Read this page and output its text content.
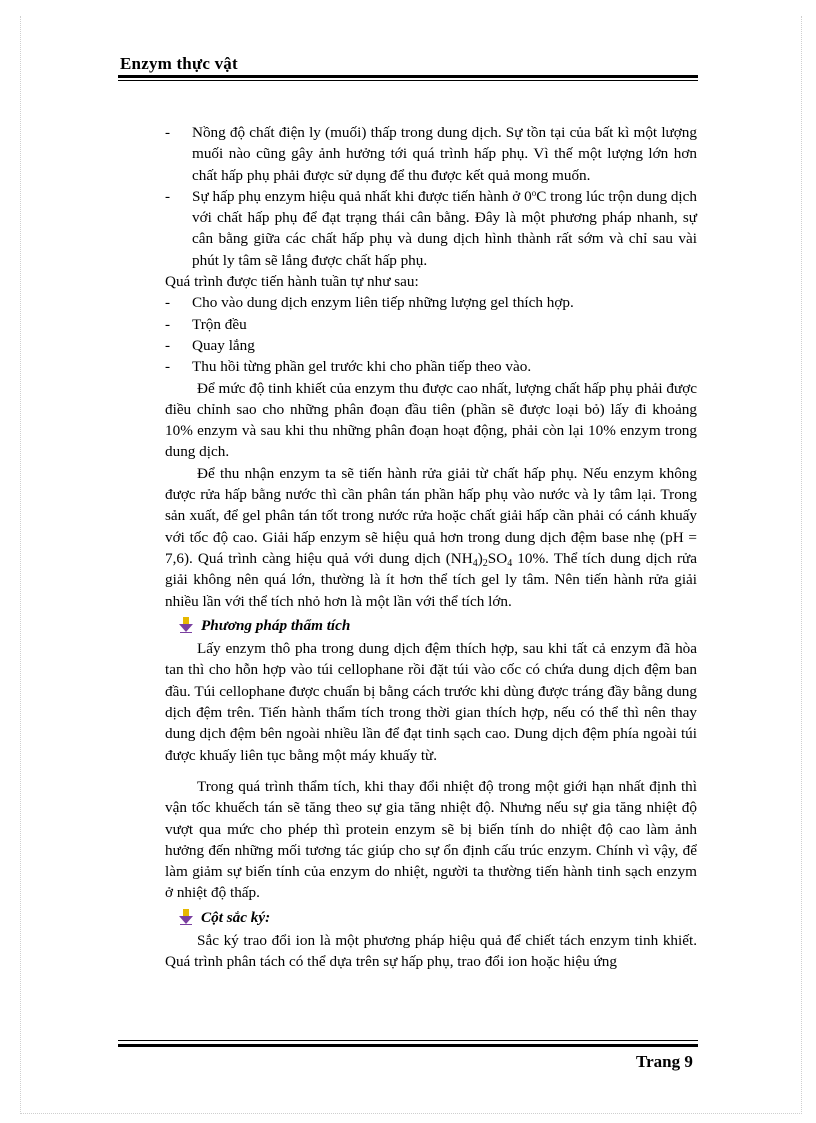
Enzym thực vật
-	Nồng độ chất điện ly (muối) thấp trong dung dịch. Sự tồn tại của bất kì một lượng muối nào cũng gây ảnh hưởng tới quá trình hấp phụ. Vì thế một lượng lớn hơn chất hấp phụ phải được sử dụng để thu được kết quả mong muốn.
-	Sự hấp phụ enzym hiệu quả nhất khi được tiến hành ở 0$^o$C trong lúc trộn dung dịch với chất hấp phụ để đạt trạng thái cân bằng. Đây là một phương pháp nhanh, sự cân bằng giữa các chất hấp phụ và dung dịch hình thành rất sớm và chỉ sau vài phút ly tâm sẽ lắng được chất hấp phụ.

Quá trình được tiến hành tuần tự như sau:

-	Cho vào dung dịch enzym liên tiếp những lượng gel thích hợp.
-	Trộn đều
-	Quay lắng
-	Thu hồi từng phần gel trước khi cho phần tiếp theo vào.

Để mức độ tinh khiết của enzym thu được cao nhất, lượng chất hấp phụ phải được điều chỉnh sao cho những phân đoạn đầu tiên (phần sẽ được loại bỏ) lấy đi khoảng 10% enzym và sau khi thu những phân đoạn hoạt động, phải còn lại 10% enzym trong dung dịch.

Để thu nhận enzym ta sẽ tiến hành rửa giải từ chất hấp phụ. Nếu enzym không được rửa hấp bằng nước thì cần phân tán phần hấp phụ vào nước và ly tâm lại. Trong sản xuất, để gel phân tán tốt trong nước rửa hoặc chất giải hấp cần phải có cánh khuấy với tốc độ cao. Giải hấp enzym sẽ hiệu quả hơn trong dung dịch đệm base nhẹ (pH = 7,6). Quá trình càng hiệu quả với dung dịch $(NH_4)_2SO_4$ 10%. Thể tích dung dịch rửa giải không nên quá lớn, thường là ít hơn thể tích gel ly tâm. Nên tiến hành rửa giải nhiều lần với thể tích nhỏ hơn là một lần với thể tích lớn.

Phương pháp thẩm tích

Lấy enzym thô pha trong dung dịch đệm thích hợp, sau khi tất cả enzym đã hòa tan thì cho hỗn hợp vào túi cellophane rồi đặt túi vào cốc có chứa dung dịch đệm ban đầu. Túi cellophane được chuẩn bị bằng cách trước khi dùng được tráng đầy bằng dung dịch đệm trên. Tiến hành thẩm tích trong thời gian thích hợp, nếu có thể thì nên thay dung dịch đệm bên ngoài nhiều lần để đạt tinh sạch cao. Dung dịch đệm phía ngoài túi được khuấy liên tục bằng một máy khuấy từ.

Trong quá trình thẩm tích, khi thay đổi nhiệt độ trong một giới hạn nhất định thì vận tốc khuếch tán sẽ tăng theo sự gia tăng nhiệt độ. Nhưng nếu sự gia tăng nhiệt độ vượt qua mức cho phép thì protein enzym sẽ bị biến tính do nhiệt độ cao làm ảnh hưởng đến những mối tương tác giúp cho sự ổn định cấu trúc enzym. Chính vì vậy, để làm giảm sự biến tính của enzym do nhiệt, người ta thường tiến hành tinh sạch enzym ở nhiệt độ thấp.

Cột sắc ký:

Sắc ký trao đổi ion là một phương pháp hiệu quả để chiết tách enzym tinh khiết. Quá trình phân tách có thể dựa trên sự hấp phụ, trao đổi ion hoặc hiệu ứng

Trang 9
